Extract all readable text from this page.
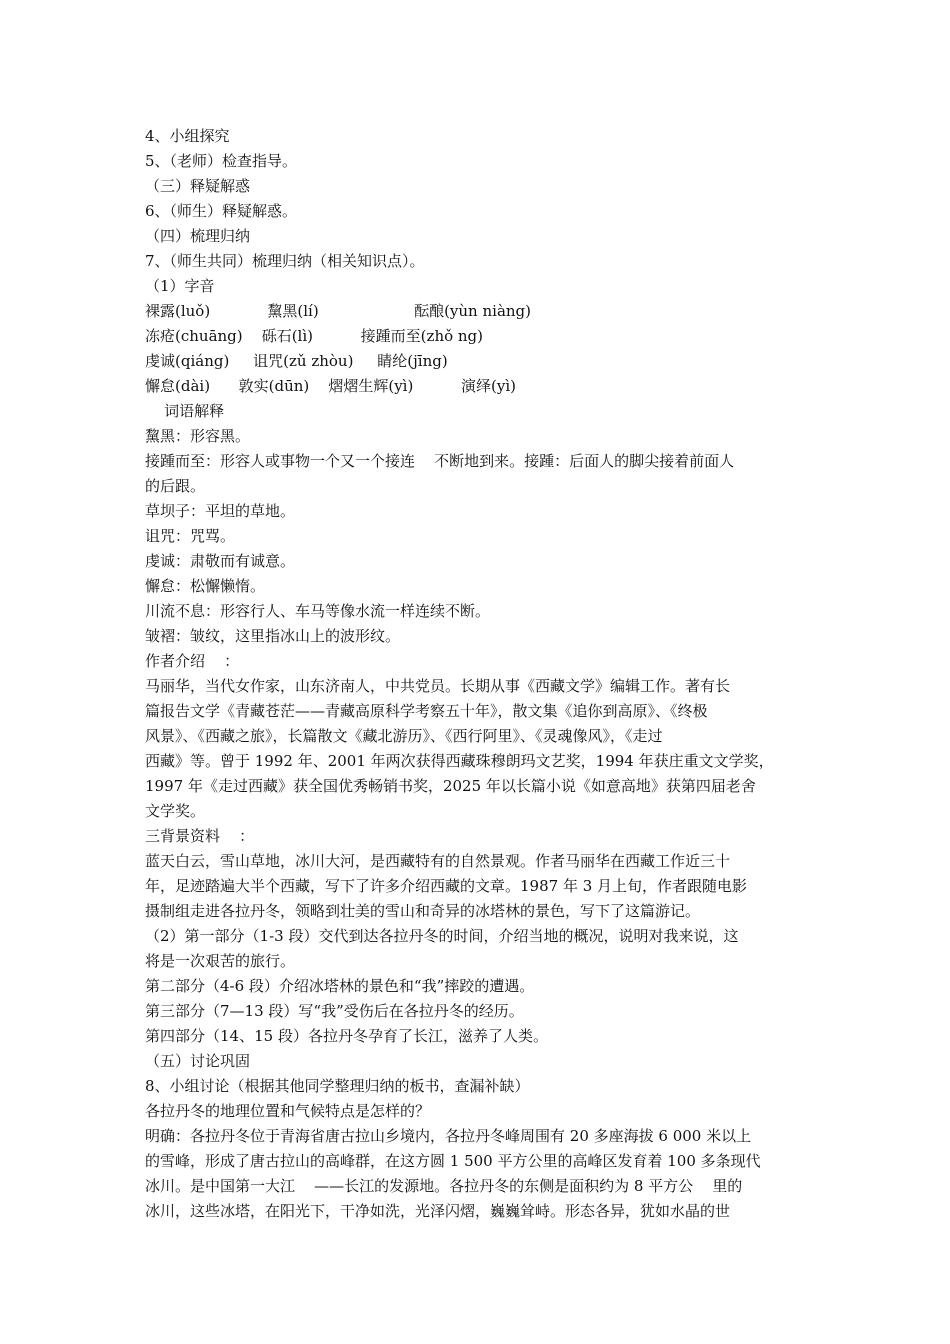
4、小组探究
5、（老师）检查指导。
（三）释疑解惑
6、（师生）释疑解惑。
（四）梳理归纳
7、（师生共同）梳理归纳（相关知识点）。
（1）字音
裸露(luǒ)            黧黑(lí)                    酝酿(yùn niàng)
冻疮(chuāng)    砾石(lì)          接踵而至(zhǒ ng)
虔诚(qiáng)     诅咒(zǔ zhòu)     睛纶(jīng)
懈怠(dài)      敦实(dūn)    熠熠生辉(yì)          演绎(yì)
词语解释
黧黑：形容黑。
接踵而至：形容人或事物一个又一个接连    不断地到来。接踵：后面人的脚尖接着前面人
的后跟。
草坝子：平坦的草地。
诅咒：咒骂。
虔诚：肃敬而有诚意。
懈怠：松懈懒惰。
川流不息：形容行人、车马等像水流一样连续不断。
皱褶：皱纹，这里指冰山上的波形纹。
作者介绍    ：
马丽华，当代女作家，山东济南人，中共党员。长期从事《西藏文学》编辑工作。著有长
篇报告文学《青藏苍茫——青藏高原科学考察五十年》，散文集《追你到高原》、《终极
风景》、《西藏之旅》，长篇散文《藏北游历》、《西行阿里》、《灵魂像风》，《走过
西藏》等。曾于 1992 年、2001 年两次获得西藏珠穆朗玛文艺奖，1994 年获庄重文文学奖，
1997 年《走过西藏》获全国优秀畅销书奖，2025 年以长篇小说《如意高地》获第四届老舍
文学奖。
三背景资料    ：
蓝天白云，雪山草地，冰川大河，是西藏特有的自然景观。作者马丽华在西藏工作近三十
年，足迹踏遍大半个西藏，写下了许多介绍西藏的文章。1987 年 3 月上旬，作者跟随电影
摄制组走进各拉丹冬，领略到壮美的雪山和奇异的冰塔林的景色，写下了这篇游记。
（2）第一部分（1-3 段）交代到达各拉丹冬的时间，介绍当地的概况，说明对我来说，这
将是一次艰苦的旅行。
第二部分（4-6 段）介绍冰塔林的景色和“我”摔跤的遭遇。
第三部分（7—13 段）写“我”受伤后在各拉丹冬的经历。
第四部分（14、15 段）各拉丹冬孕育了长江，滋养了人类。
（五）讨论巩固
8、小组讨论（根据其他同学整理归纳的板书，查漏补缺）
各拉丹冬的地理位置和气候特点是怎样的？
明确：各拉丹冬位于青海省唐古拉山乡境内，各拉丹冬峰周围有 20 多座海拔 6 000 米以上
的雪峰，形成了唐古拉山的高峰群，在这方圆 1 500 平方公里的高峰区发育着 100 多条现代
冰川。是中国第一大江    ——长江的发源地。各拉丹冬的东侧是面积约为 8 平方公    里的
冰川，这些冰塔，在阳光下，干净如洗，光泽闪熠，巍巍耸峙。形态各异，犹如水晶的世
